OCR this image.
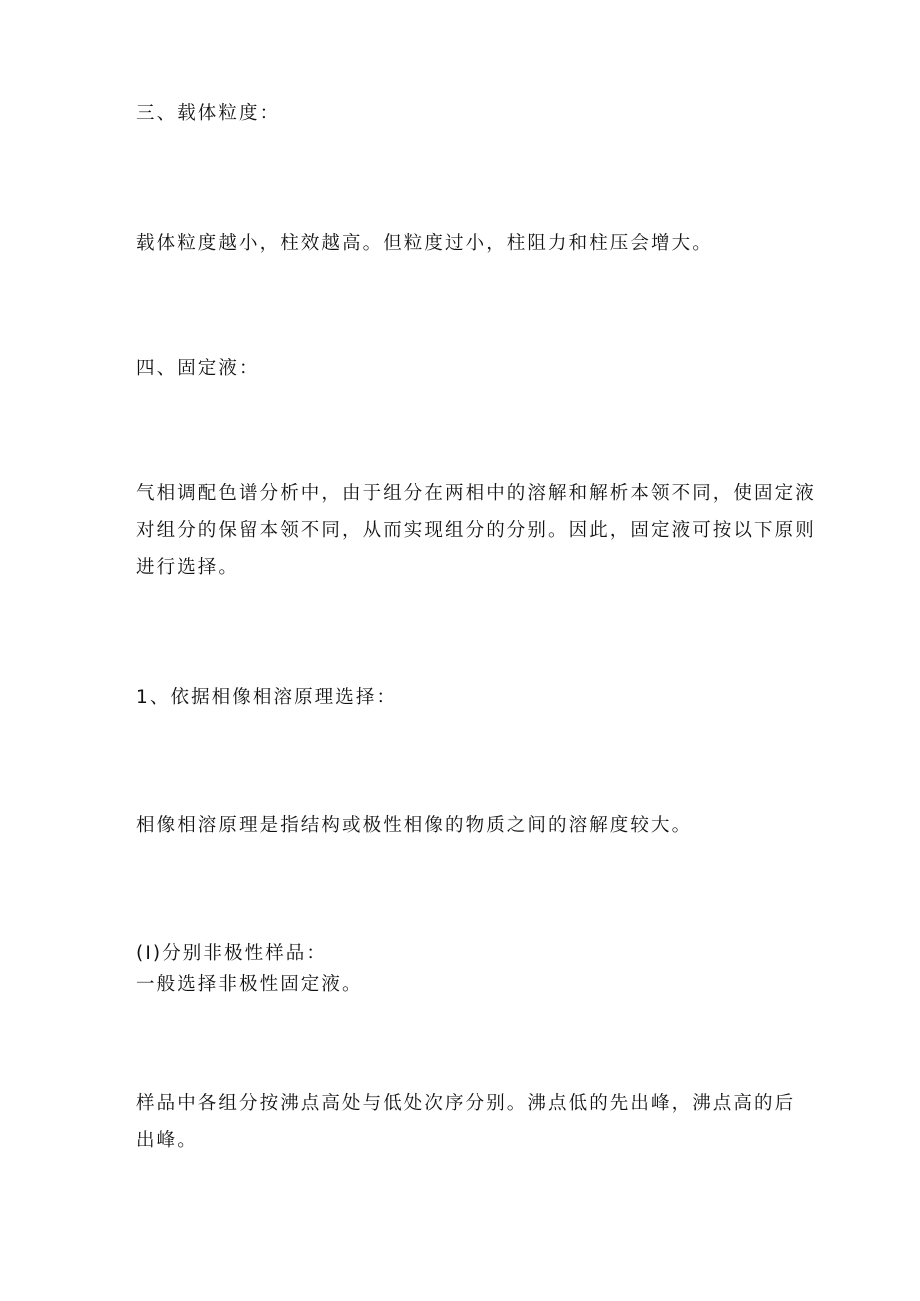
三、载体粒度：

载体粒度越小，柱效越高。但粒度过小，柱阻力和柱压会增大。

四、固定液：

气相调配色谱分析中，由于组分在两相中的溶解和解析本领不同，使固定液
对组分的保留本领不同，从而实现组分的分别。因此，固定液可按以下原则
进行选择。

1、依据相像相溶原理选择：

相像相溶原理是指结构或极性相像的物质之间的溶解度较大。

(I)分别非极性样品：
一般选择非极性固定液。
样品中各组分按沸点高处与低处次序分别。沸点低的先出峰，沸点高的后
出峰。
